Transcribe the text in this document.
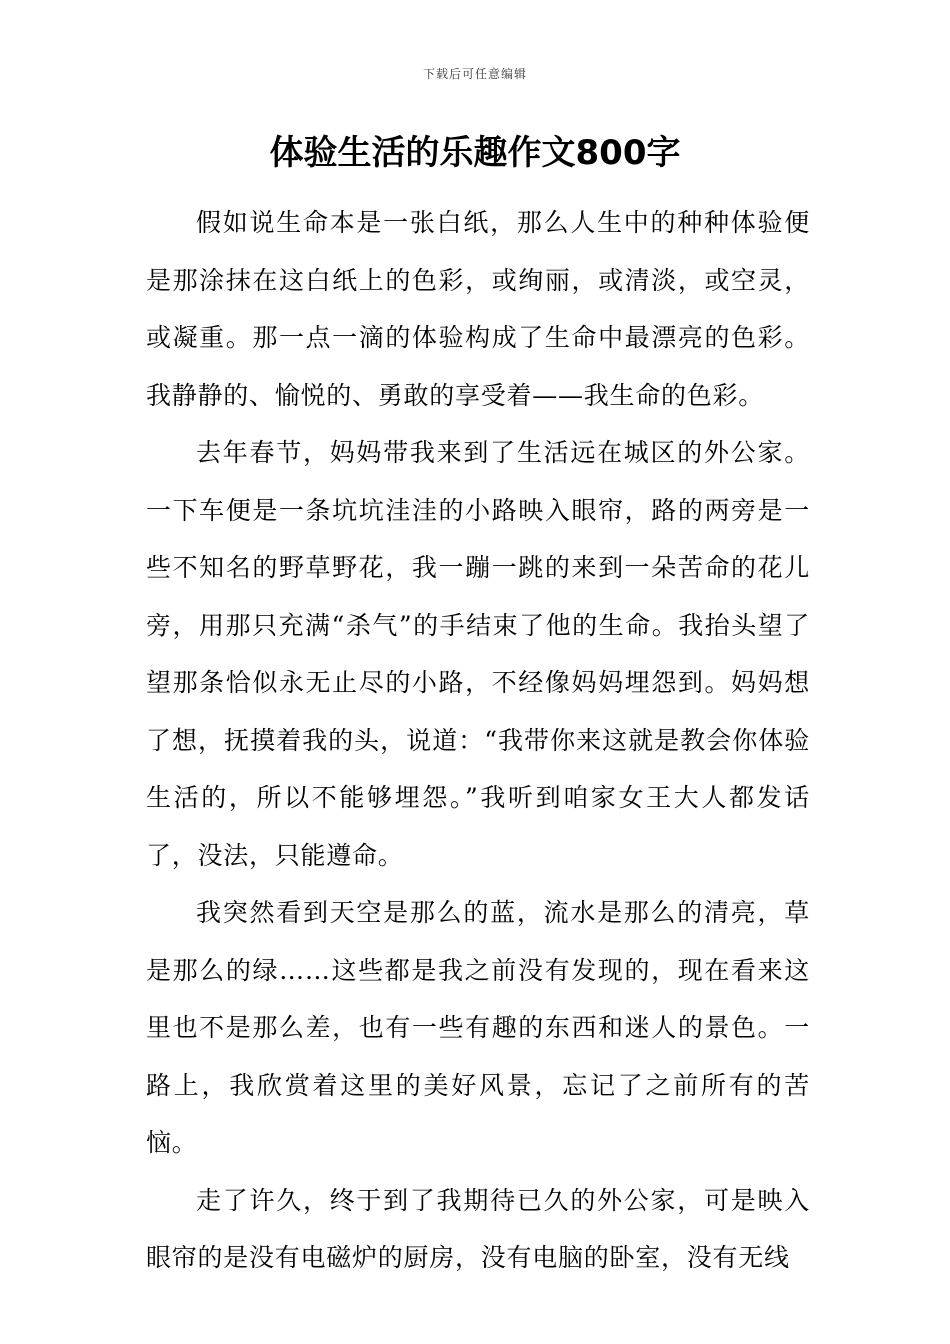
下载后可任意编辑
体验生活的乐趣作文800字

假如说生命本是一张白纸，那么人生中的种种体验便是那涂抹在这白纸上的色彩，或绚丽，或清淡，或空灵，或凝重。那一点一滴的体验构成了生命中最漂亮的色彩。我静静的、愉悦的、勇敢的享受着——我生命的色彩。

去年春节，妈妈带我来到了生活远在城区的外公家。一下车便是一条坑坑洼洼的小路映入眼帘，路的两旁是一些不知名的野草野花，我一蹦一跳的来到一朵苦命的花儿旁，用那只充满“杀气”的手结束了他的生命。我抬头望了望那条恰似永无止尽的小路，不经像妈妈埋怨到。妈妈想了想，抚摸着我的头，说道：“我带你来这就是教会你体验生活的，所以不能够埋怨。”我听到咱家女王大人都发话了，没法，只能遵命。

我突然看到天空是那么的蓝，流水是那么的清亮，草是那么的绿……这些都是我之前没有发现的，现在看来这里也不是那么差，也有一些有趣的东西和迷人的景色。一路上，我欣赏着这里的美好风景，忘记了之前所有的苦恼。

走了许久，终于到了我期待已久的外公家，可是映入眼帘的是没有电磁炉的厨房，没有电脑的卧室，没有无线
